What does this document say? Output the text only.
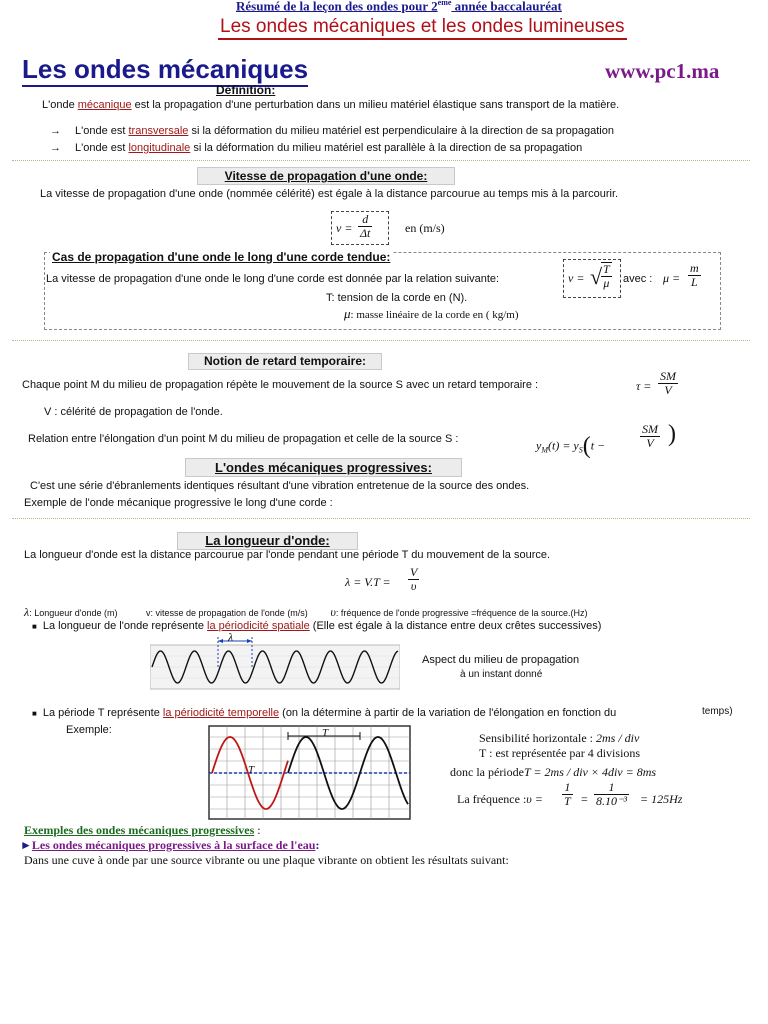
Résumé de la leçon des ondes pour 2ème année baccalauréat
Les ondes mécaniques et les ondes lumineuses
Les ondes mécaniques	www.pc1.ma
Définition:
L'onde mécanique est la propagation d'une perturbation dans un milieu matériel élastique sans transport de la matière.
→ L'onde est transversale si la déformation du milieu matériel est perpendiculaire à la direction de sa propagation
→ L'onde est longitudinale si la déformation du milieu matériel est parallèle à la direction de sa propagation
Vitesse de propagation d'une onde:
La vitesse de propagation d'une onde (nommée célérité) est égale à la distance parcourue au temps mis à la parcourir.
$v = \frac{d}{\Delta t}$	en (m/s)
Cas de propagation d'une onde le long d'une corde tendue:
La vitesse de propagation d'une onde le long d'une corde est donnée par la relation suivante:	v = √
$\frac{T}{\mu}$ avec : $\mu = \frac{m}{L}$
T: tension de la corde en (N).
μ: masse linéaire de la corde en ( kg/m)
Notion de retard temporaire:
Chaque point M du milieu de propagation répète le mouvement de la source S avec un retard temporaire :	$\tau = \frac{SM}{V}$
V : célérité de propagation de l'onde.
Relation entre l'élongation d'un point M du milieu de propagation et celle de la source S :	$y_M(t) = y_S(t$ −	$\frac{SM}{V}$ )
L'ondes mécaniques progressives:
C'est une série d'ébranlements identiques résultant d'une vibration entretenue de la source des ondes.
Exemple de l'onde mécanique progressive le long d'une corde :
La longueur d'onde:
La longueur d'onde est la distance parcourue par l'onde pendant une période T du mouvement de la source.
$\lambda = V.T = \frac{V}{\upsilon}$
λ: Longueur d'onde (m)	v: vitesse de propagation de l'onde (m/s) υ: fréquence de l'onde progressive =fréquence de la source.(Hz)
■ La longueur de l'onde représente la périodicité spatiale (Elle est égale à la distance entre deux crêtes successives)
λ
Aspect du milieu de propagation
à un instant donné
■ La période T représente la périodicité temporelle (on la détermine à partir de la variation de l'élongation en fonction du	temps)
Exemple:	T
T
Sensibilité horizontale : 2ms / div
T : est représentée par 4 divisions
donc la périodeT = 2ms / div × 4div = 8ms
La fréquence :υ = $\frac{1}{T} = \frac{1}{\text{8.10⁻³}} = 125Hz$
Exemples des ondes mécaniques progressives :
►Les ondes mécaniques progressives à la surface de l'eau:
Dans une cuve à onde par une source vibrante ou une plaque vibrante on obtient les résultats suivant:
